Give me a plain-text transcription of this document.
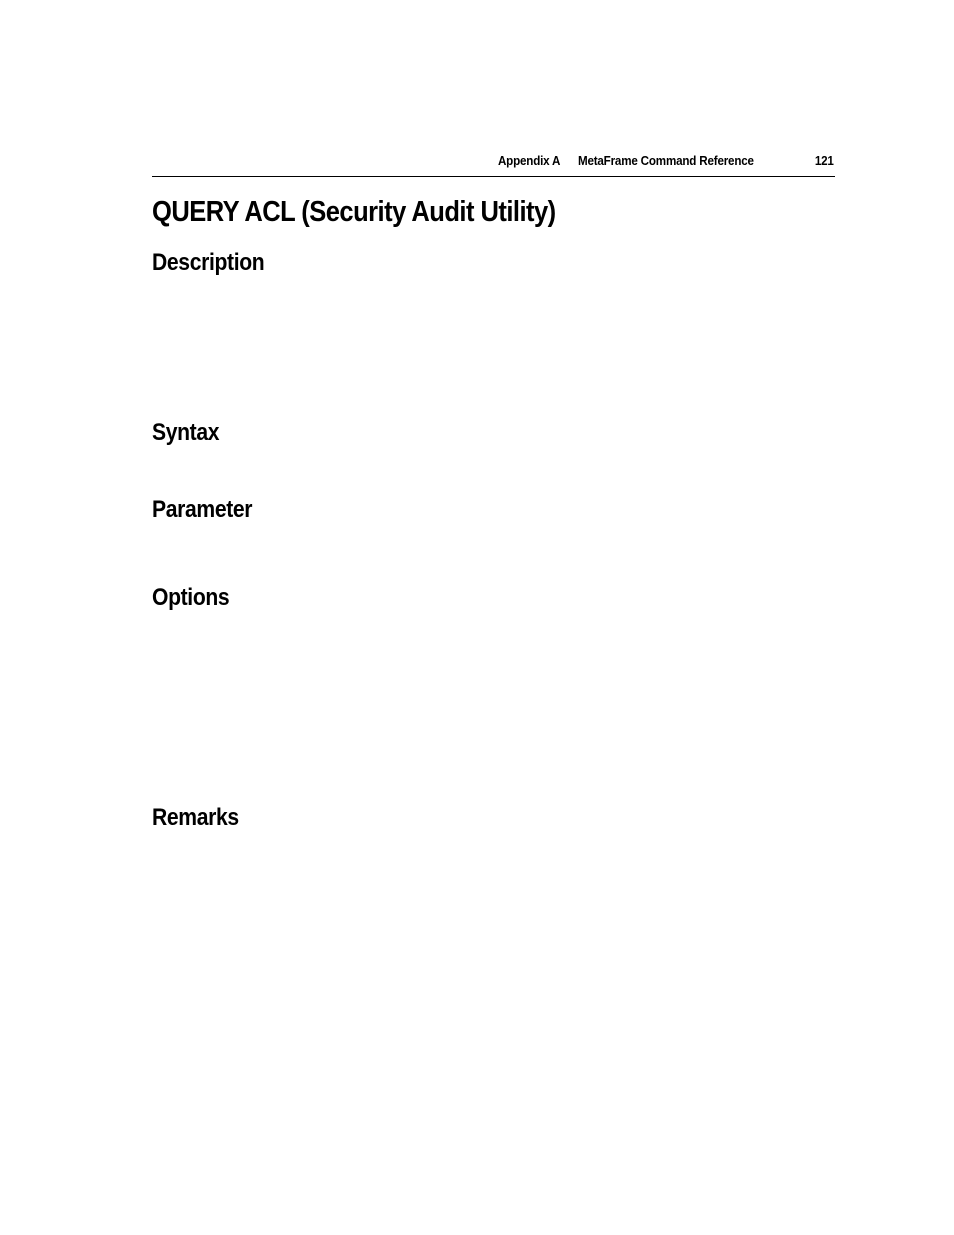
Appendix A MetaFrame Command Reference	121
QUERY ACL (Security Audit Utility)
Description
Syntax
Parameter
Options
Remarks
